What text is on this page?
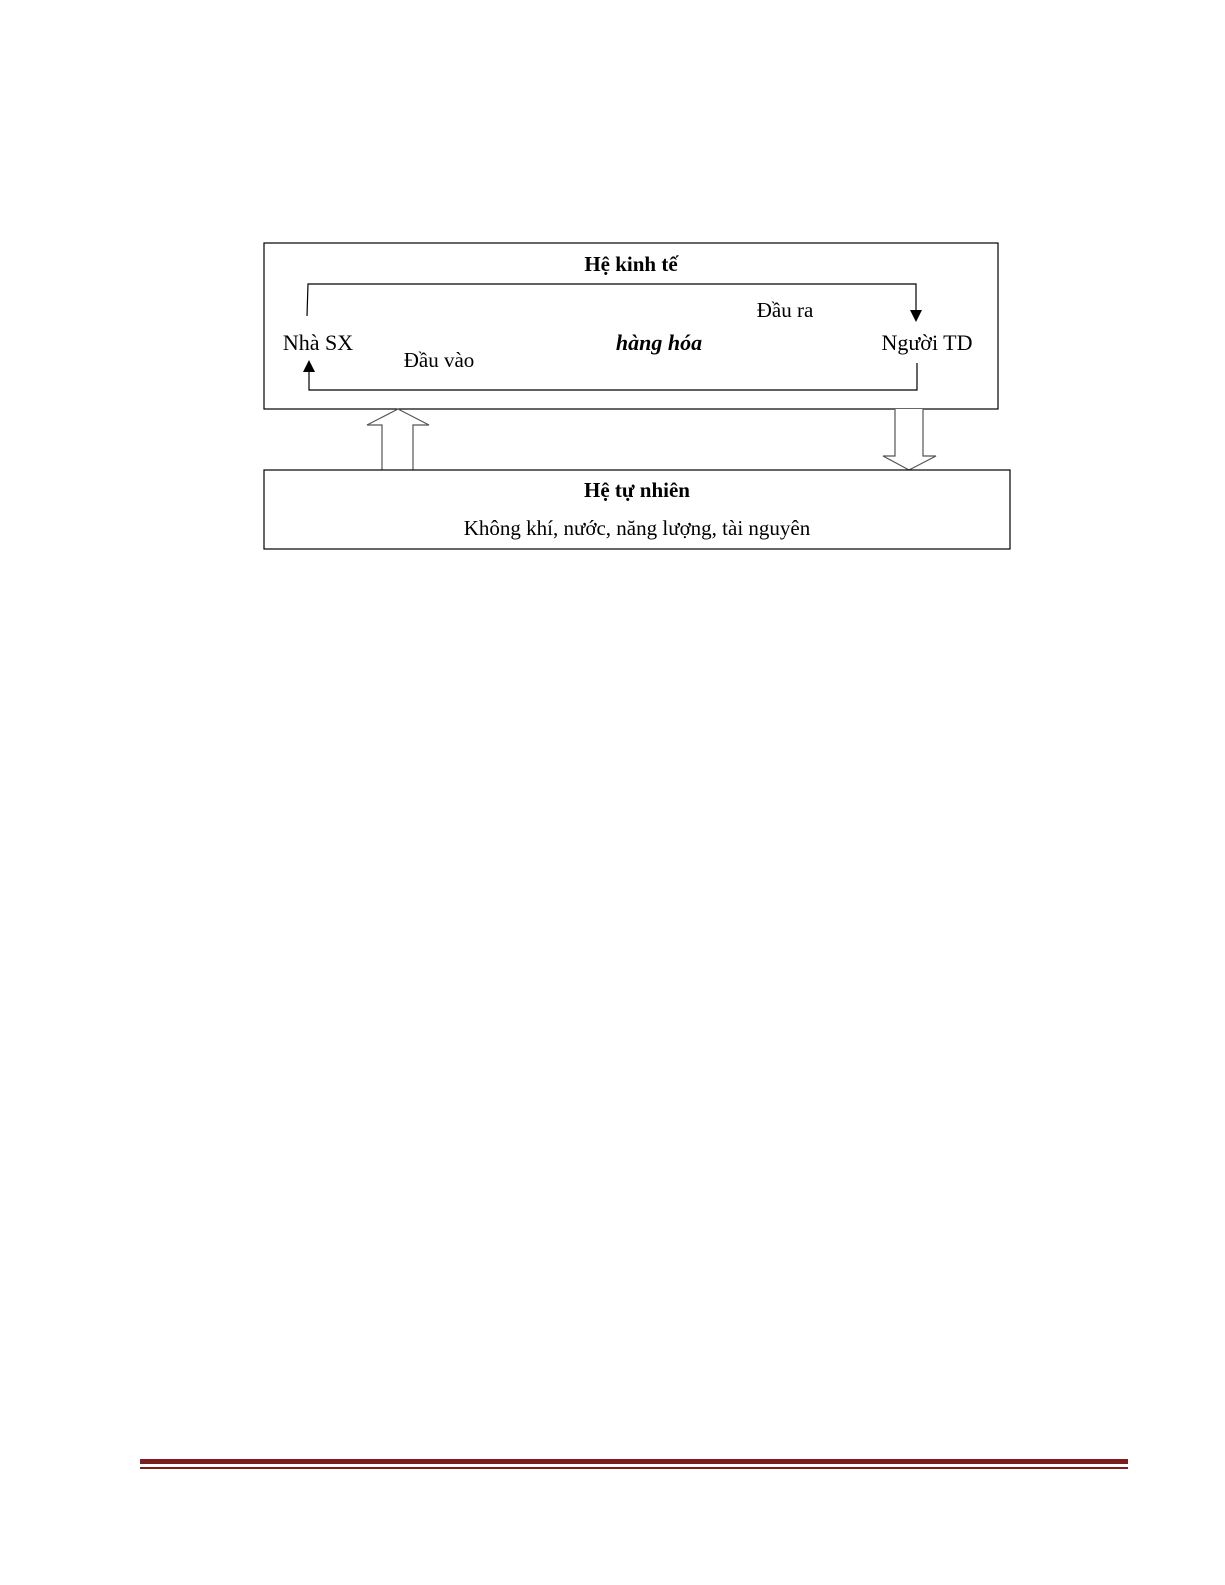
Hệ kinh tế
Đầu ra
Nhà SX	hàng hóa	Người TD
Đầu vào
Hệ tự nhiên
Không khí, nước, năng lượng, tài nguyên
